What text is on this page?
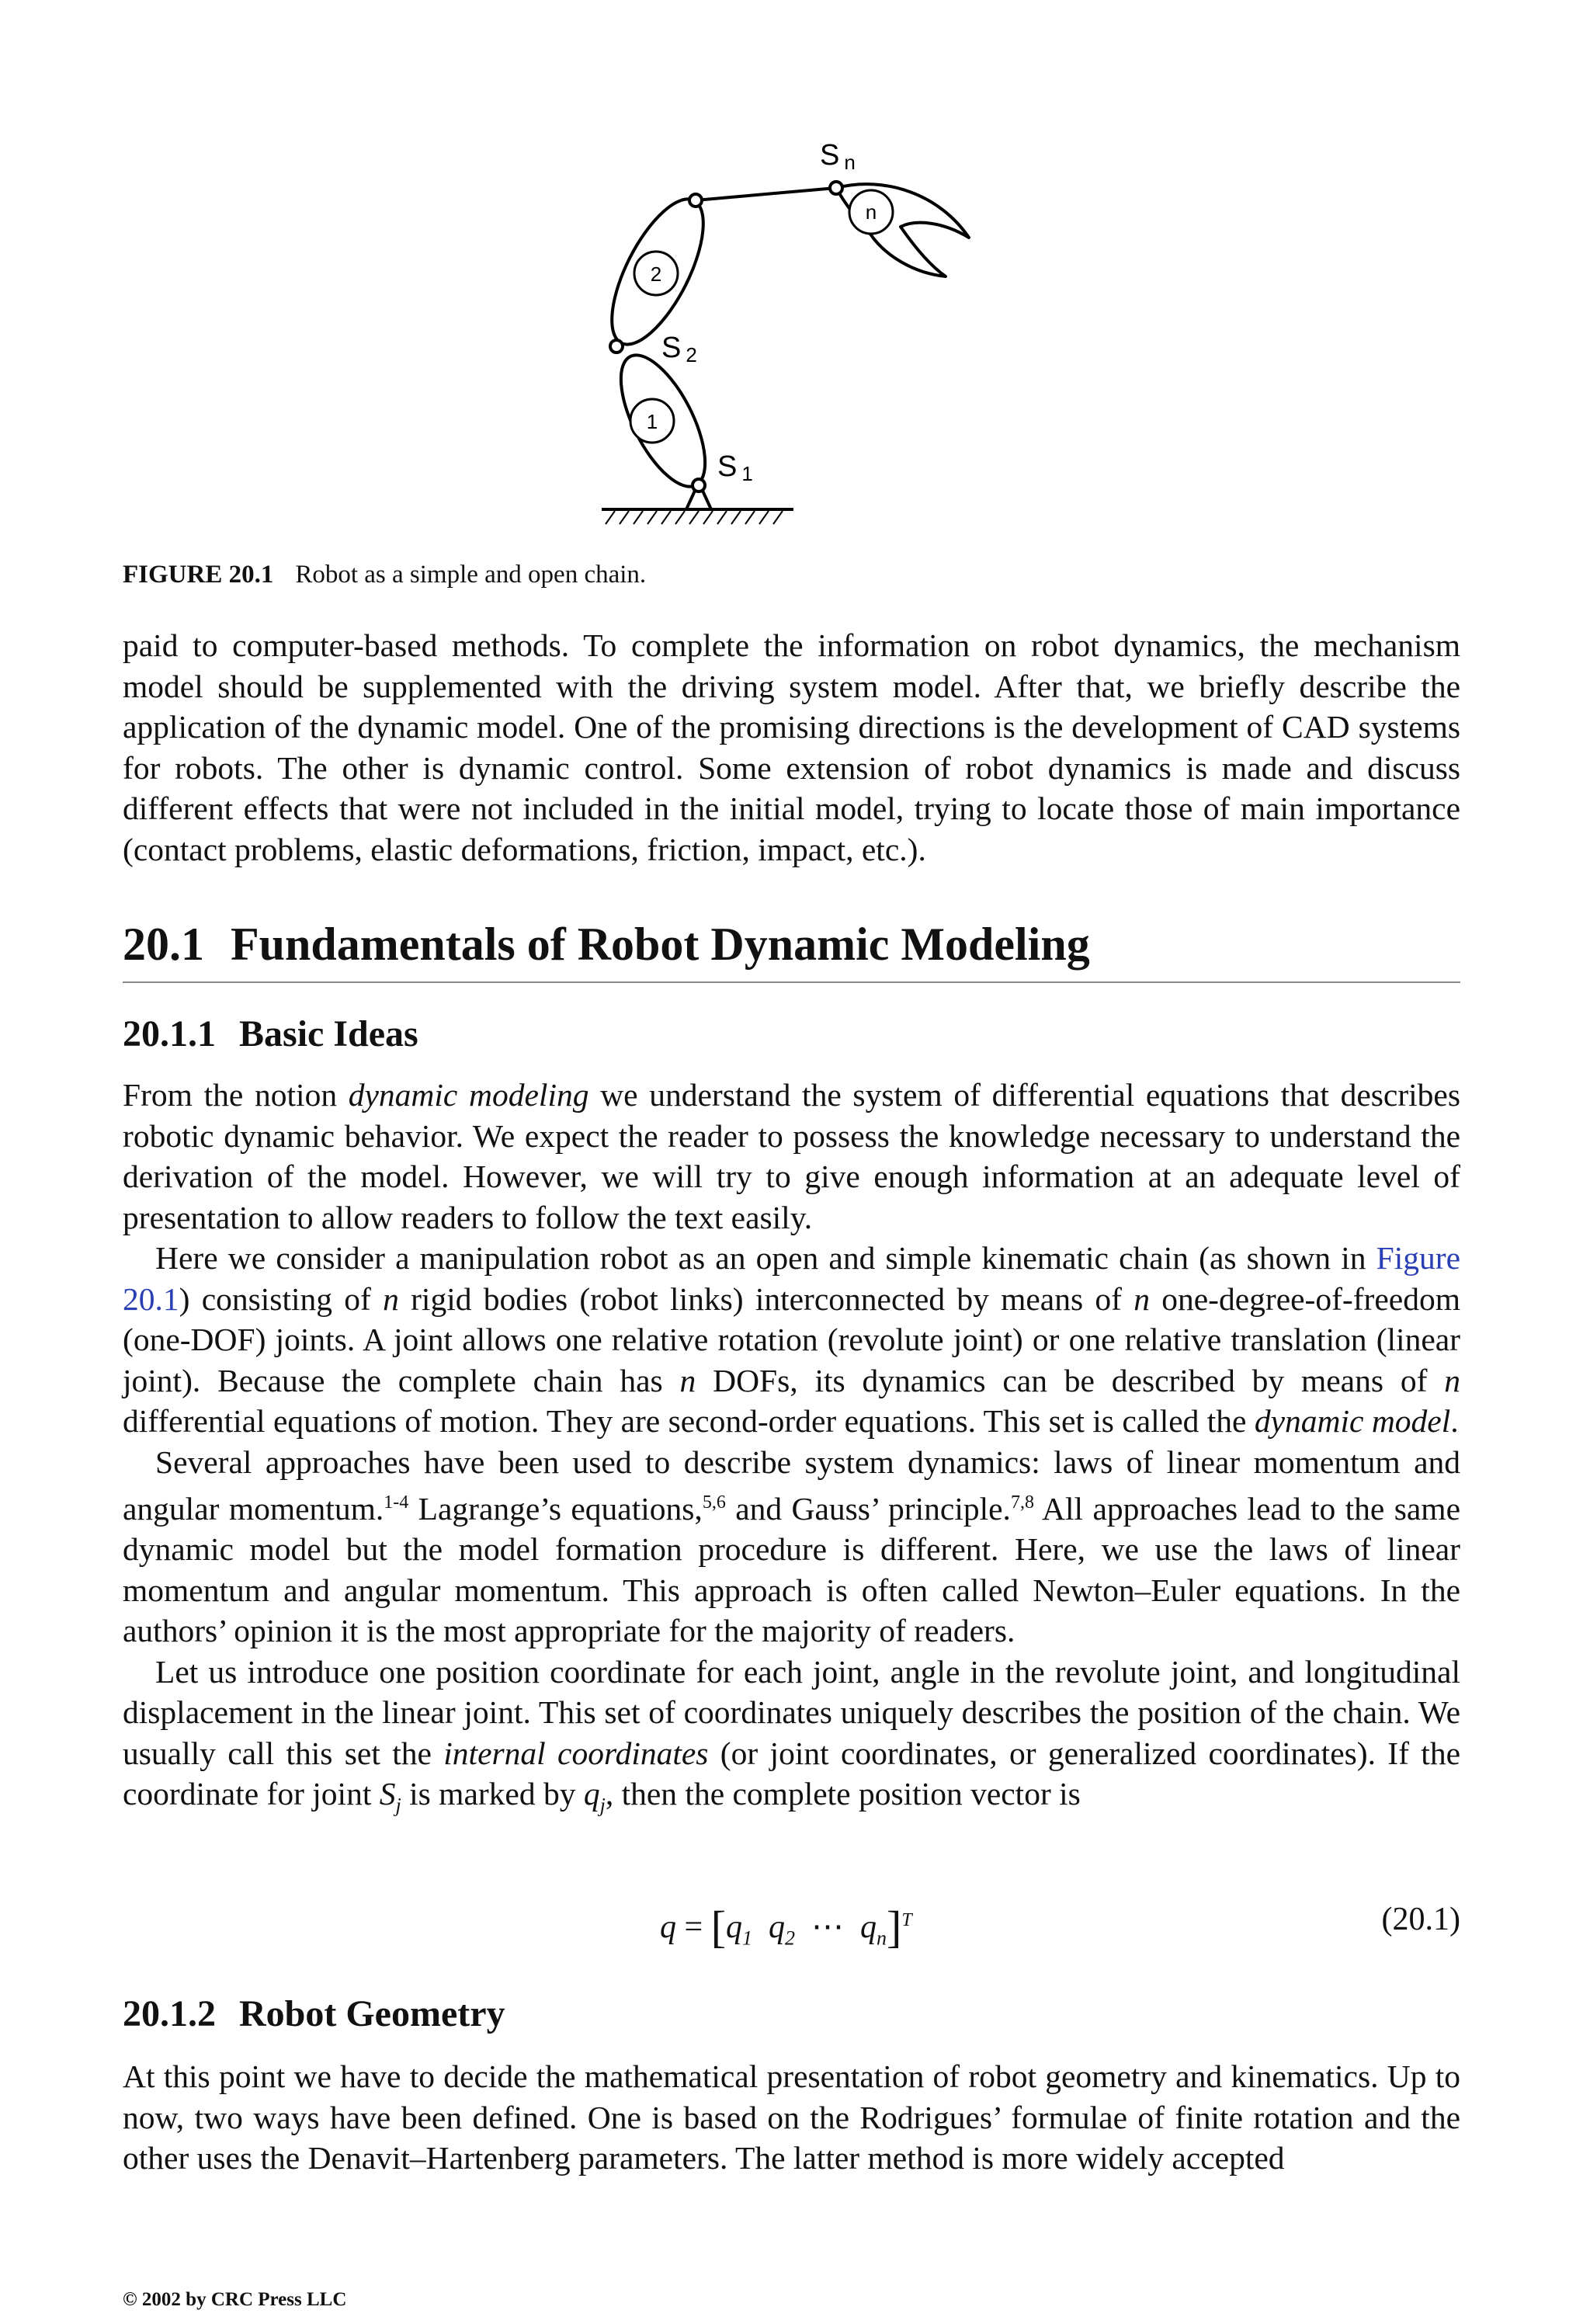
1
2
n
S n
S 2
S 1
FIGURE 20.1 Robot as a simple and open chain.

paid to computer-based methods. To complete the information on robot dynamics, the mechanism model should be supplemented with the driving system model. After that, we briefly describe the application of the dynamic model. One of the promising directions is the development of CAD systems for robots. The other is dynamic control. Some extension of robot dynamics is made and discuss different effects that were not included in the initial model, trying to locate those of main importance (contact problems, elastic deformations, friction, impact, etc.).

20.1 Fundamentals of Robot Dynamic Modeling
20.1.1 Basic Ideas

From the notion dynamic modeling we understand the system of differential equations that describes robotic dynamic behavior. We expect the reader to possess the knowledge necessary to understand the derivation of the model. However, we will try to give enough information at an adequate level of presentation to allow readers to follow the text easily.

Here we consider a manipulation robot as an open and simple kinematic chain (as shown in Figure 20.1) consisting of n rigid bodies (robot links) interconnected by means of n one-degree-of-freedom (one-DOF) joints. A joint allows one relative rotation (revolute joint) or one relative translation (linear joint). Because the complete chain has n DOFs, its dynamics can be described by means of n differential equations of motion. They are second-order equations. This set is called the dynamic model.

Several approaches have been used to describe system dynamics: laws of linear momentum and angular momentum.$^{1-4}$ Lagrange’s equations,$^{5,6}$ and Gauss’ principle.$^{7,8}$ All approaches lead to the same dynamic model but the model formation procedure is different. Here, we use the laws of linear momentum and angular momentum. This approach is often called Newton–Euler equations. In the authors’ opinion it is the most appropriate for the majority of readers.

Let us introduce one position coordinate for each joint, angle in the revolute joint, and longitudinal displacement in the linear joint. This set of coordinates uniquely describes the position of the chain. We usually call this set the internal coordinates (or joint coordinates, or generalized coordinates). If the coordinate for joint $S_j$ is marked by $q_j$, then the complete position vector is

$q = [q_1$ $q_2$ ⋯ $q_n]^T$	(20.1)
20.1.2 Robot Geometry

At this point we have to decide the mathematical presentation of robot geometry and kinematics. Up to now, two ways have been defined. One is based on the Rodrigues’ formulae of finite rotation and the other uses the Denavit–Hartenberg parameters. The latter method is more widely accepted

© 2002 by CRC Press LLC
